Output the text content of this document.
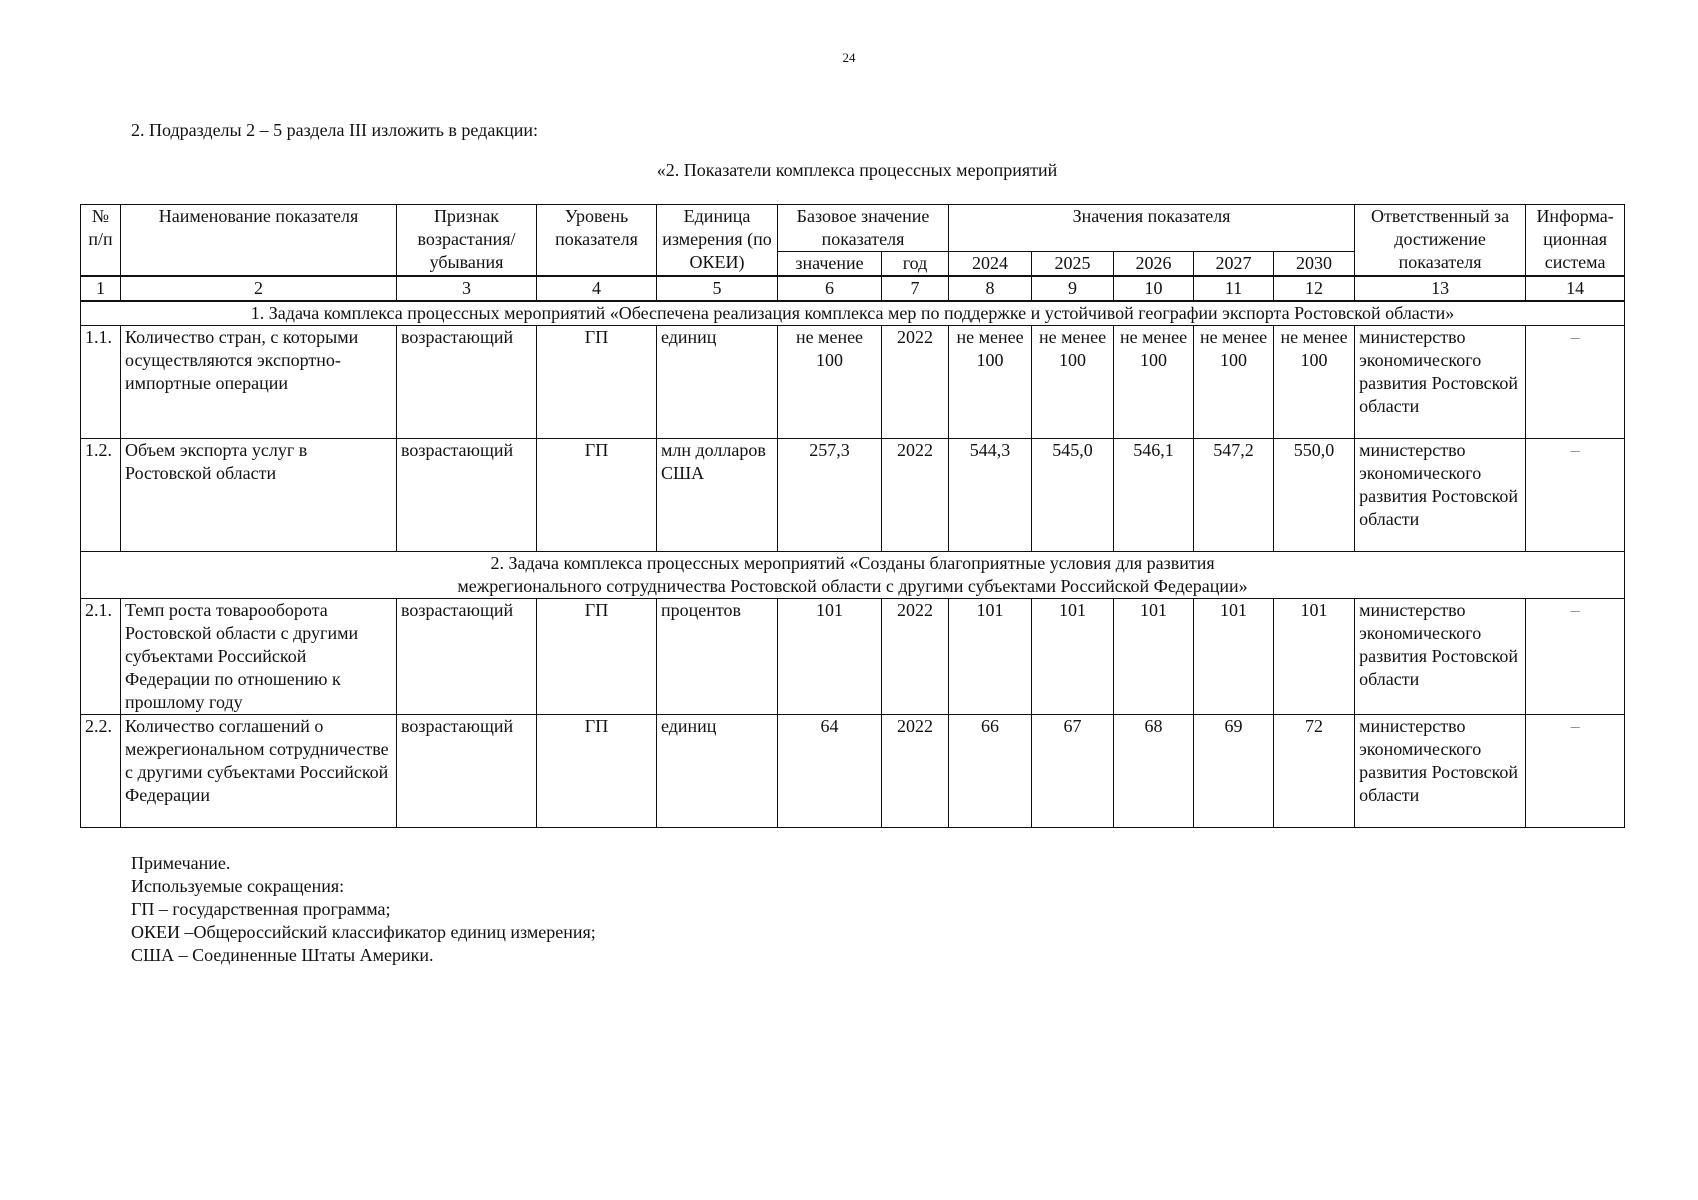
24
2. Подразделы 2 – 5 раздела III изложить в редакции:
«2. Показатели комплекса процессных мероприятий
№ п/п	Наименование показателя	Признак возрастания/ убывания	Уровень показателя	Единица измерения (по ОКЕИ)	Базовое значение показателя		Значения показателя					Ответственный за достижение показателя	Информа-ционная система

					значение	год	2024	2025	2026	2027	2030		
1	2	3	4	5	6	7	8	9	10	11	12	13	14
1. Задача комплекса процессных мероприятий «Обеспечена реализация комплекса мер по поддержке и устойчивой географии экспорта Ростовской области»													
1.1.	Количество стран, с которыми осуществляются экспортно-импортные операции	возрастающий	ГП	единиц	не менее 100	2022	не менее 100	не менее 100	не менее 100	не менее 100	не менее 100	министерство экономического развития Ростовской области	–
1.2.	Объем экспорта услуг в Ростовской области	возрастающий	ГП	млн долларов США	257,3	2022	544,3	545,0	546,1	547,2	550,0	министерство экономического развития Ростовской области	–
2. Задача комплекса процессных мероприятий «Созданы благоприятные условия для развития межрегионального сотрудничества Ростовской области с другими субъектами Российской Федерации»													
2.1.	Темп роста товарооборота Ростовской области с другими субъектами Российской Федерации по отношению к прошлому году	возрастающий	ГП	процентов	101	2022	101	101	101	101	101	министерство экономического развития Ростовской области	–
2.2.	Количество соглашений о межрегиональном сотрудничестве с другими субъектами Российской Федерации	возрастающий	ГП	единиц	64	2022	66	67	68	69	72	министерство экономического развития Ростовской области	–
Примечание.
Используемые сокращения:
ГП – государственная программа;
ОКЕИ –Общероссийский классификатор единиц измерения;
США – Соединенные Штаты Америки.
